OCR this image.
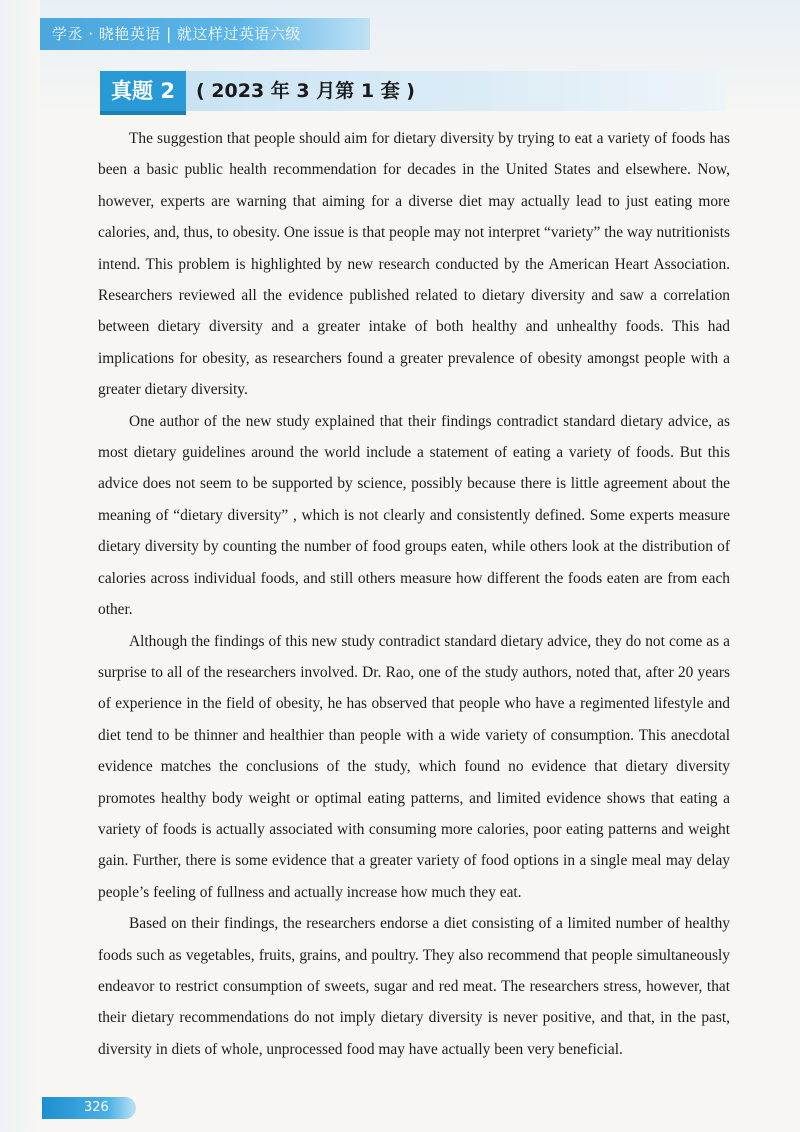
学丞 · 晓艳英语 | 就这样过英语六级
真题 2	( 2023 年 3 月第 1 套 )

The suggestion that people should aim for dietary diversity by trying to eat a variety of foods has been a basic public health recommendation for decades in the United States and elsewhere. Now, however, experts are warning that aiming for a diverse diet may actually lead to just eating more calories, and, thus, to obesity. One issue is that people may not interpret “variety” the way nutritionists intend. This problem is highlighted by new research conducted by the American Heart Association. Researchers reviewed all the evidence published related to dietary diversity and saw a correlation between dietary diversity and a greater intake of both healthy and unhealthy foods. This had implications for obesity, as researchers found a greater prevalence of obesity amongst people with a greater dietary diversity.

One author of the new study explained that their findings contradict standard dietary advice, as most dietary guidelines around the world include a statement of eating a variety of foods. But this advice does not seem to be supported by science, possibly because there is little agreement about the meaning of “dietary diversity” , which is not clearly and consistently defined. Some experts measure dietary diversity by counting the number of food groups eaten, while others look at the distribution of calories across individual foods, and still others measure how different the foods eaten are from each other.

Although the findings of this new study contradict standard dietary advice, they do not come as a surprise to all of the researchers involved. Dr. Rao, one of the study authors, noted that, after 20 years of experience in the field of obesity, he has observed that people who have a regimented lifestyle and diet tend to be thinner and healthier than people with a wide variety of consumption. This anecdotal evidence matches the conclusions of the study, which found no evidence that dietary diversity promotes healthy body weight or optimal eating patterns, and limited evidence shows that eating a variety of foods is actually associated with consuming more calories, poor eating patterns and weight gain. Further, there is some evidence that a greater variety of food options in a single meal may delay people’s feeling of fullness and actually increase how much they eat.

Based on their findings, the researchers endorse a diet consisting of a limited number of healthy foods such as vegetables, fruits, grains, and poultry. They also recommend that people simultaneously endeavor to restrict consumption of sweets, sugar and red meat. The researchers stress, however, that their dietary recommendations do not imply dietary diversity is never positive, and that, in the past, diversity in diets of whole, unprocessed food may have actually been very beneficial.

326
